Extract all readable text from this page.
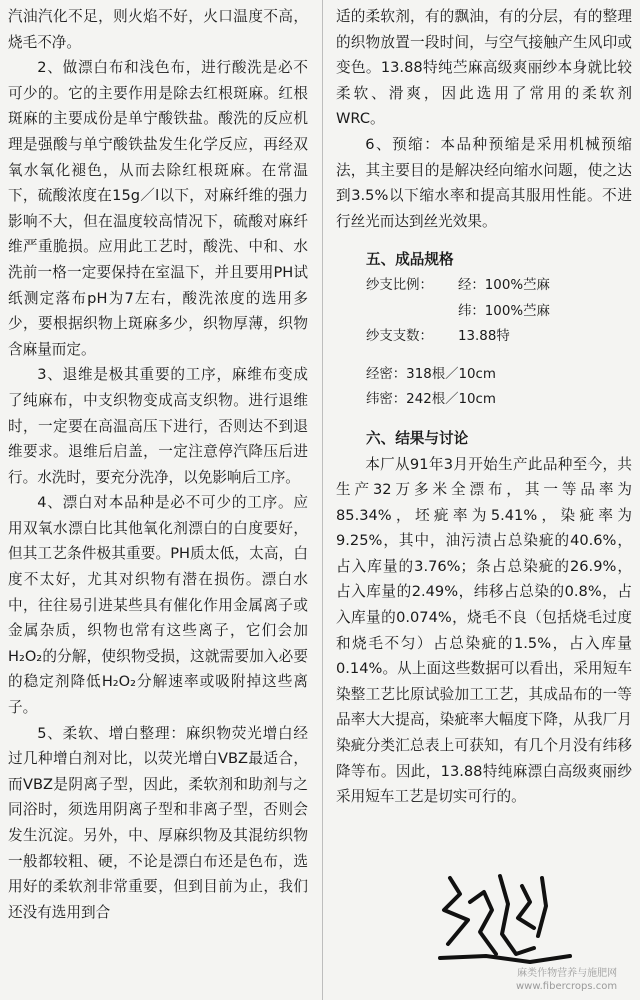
汽油汽化不足，则火焰不好，火口温度不高，烧毛不净。

2、做漂白布和浅色布，进行酸洗是必不可少的。它的主要作用是除去红根斑麻。红根斑麻的主要成份是单宁酸铁盐。酸洗的反应机理是强酸与单宁酸铁盐发生化学反应，再经双氧水氧化褪色，从而去除红根斑麻。在常温下，硫酸浓度在15g／l以下，对麻纤维的强力影响不大，但在温度较高情况下，硫酸对麻纤维严重脆损。应用此工艺时，酸洗、中和、水洗前一格一定要保持在室温下，并且要用PH试纸测定落布pH为7左右，酸洗浓度的选用多少，要根据织物上斑麻多少，织物厚薄，织物含麻量而定。

3、退维是极其重要的工序，麻维布变成了纯麻布，中支织物变成高支织物。进行退维时，一定要在高温高压下进行，否则达不到退维要求。退维后启盖，一定注意停汽降压后进行。水洗时，要充分洗净，以免影响后工序。

4、漂白对本品种是必不可少的工序。应用双氧水漂白比其他氧化剂漂白的白度要好，但其工艺条件极其重要。PH质太低，太高，白度不太好，尤其对织物有潜在损伤。漂白水中，往往易引进某些具有催化作用金属离子或金属杂质，织物也常有这些离子，它们会加H₂O₂的分解，使织物受损，这就需要加入必要的稳定剂降低H₂O₂分解速率或吸附掉这些离子。

5、柔软、增白整理：麻织物荧光增白经过几种增白剂对比，以荧光增白VBZ最适合，而VBZ是阴离子型，因此，柔软剂和助剂与之同浴时，须选用阴离子型和非离子型，否则会发生沉淀。另外，中、厚麻织物及其混纺织物一般都较粗、硬，不论是漂白布还是色布，选用好的柔软剂非常重要，但到目前为止，我们还没有选用到合

适的柔软剂，有的飘油，有的分层，有的整理的织物放置一段时间，与空气接触产生风印或变色。13.88特纯苎麻高级爽丽纱本身就比较柔软、滑爽，因此选用了常用的柔软剂WRC。

6、预缩：本品种预缩是采用机械预缩法，其主要目的是解决经向缩水问题，使之达到3.5%以下缩水率和提高其服用性能。不进行丝光而达到丝光效果。

五、成品规格
纱支比例： 经：100%苎麻
纬：100%苎麻
纱支支数： 13.88特
经密：318根／10cm
纬密：242根／10cm
六、结果与讨论

本厂从91年3月开始生产此品种至今，共生产32万多米全漂布，其一等品率为85.34%，坯疵率为5.41%，染疵率为9.25%，其中，油污渍占总染疵的40.6%，占入库量的3.76%；条占总染疵的26.9%，占入库量的2.49%，纬移占总染的0.8%，占入库量的0.074%，烧毛不良（包括烧毛过度和烧毛不匀）占总染疵的1.5%，占入库量0.14%。从上面这些数据可以看出，采用短车染整工艺比原试验加工工艺，其成品布的一等品率大大提高，染疵率大幅度下降，从我厂月染疵分类汇总表上可获知，有几个月没有纬移降等布。因此，13.88特纯麻漂白高级爽丽纱采用短车工艺是切实可行的。

麻类作物营养与施肥网
www.fibercrops.com
